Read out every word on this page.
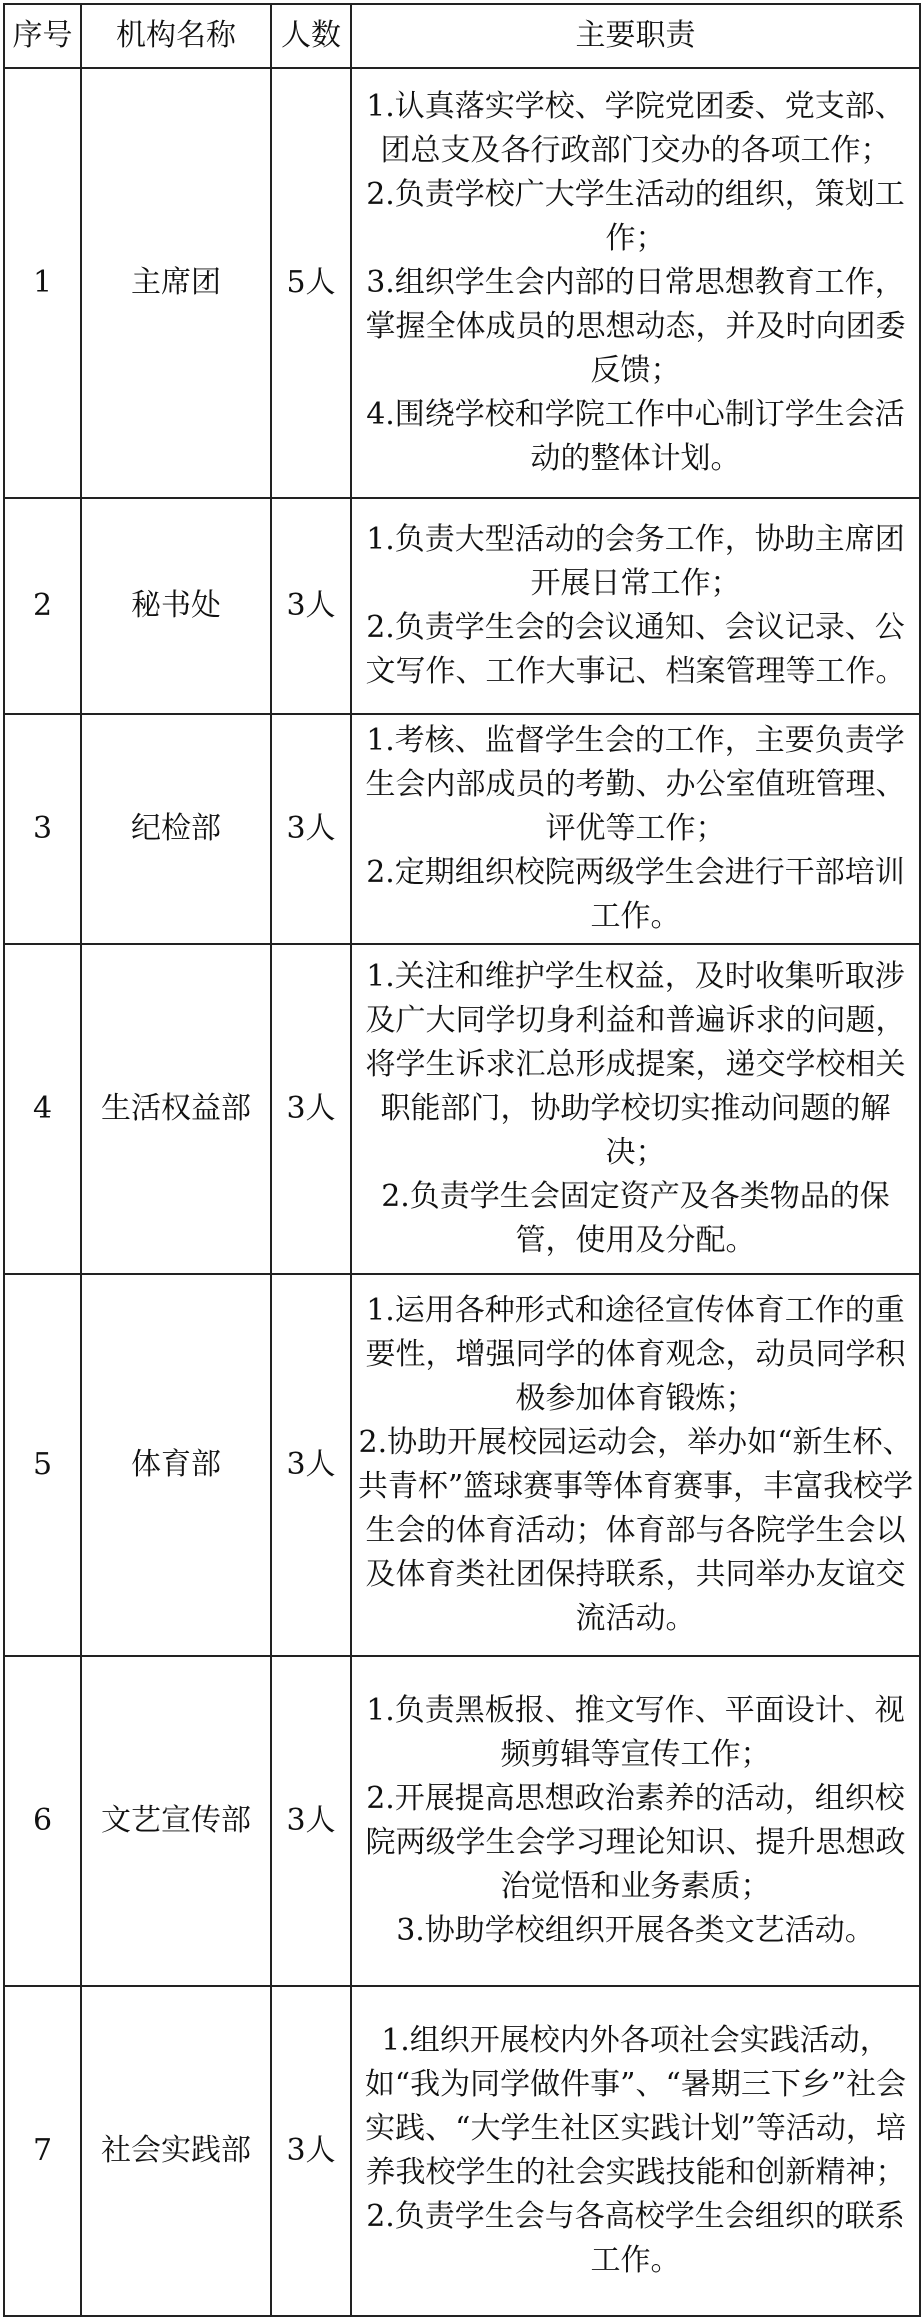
序号	机构名称	人数	主要职责
1	主席团	5人	1.认真落实学校、学院党团委、党支部、团总支及各行政部门交办的各项工作；
2.负责学校广大学生活动的组织，策划工作；
3.组织学生会内部的日常思想教育工作，掌握全体成员的思想动态，并及时向团委反馈；
4.围绕学校和学院工作中心制订学生会活动的整体计划。

2	秘书处	3人	1.负责大型活动的会务工作，协助主席团开展日常工作；
2.负责学生会的会议通知、会议记录、公文写作、工作大事记、档案管理等工作。

3	纪检部	3人	1.考核、监督学生会的工作，主要负责学生会内部成员的考勤、办公室值班管理、评优等工作；
2.定期组织校院两级学生会进行干部培训工作。

4	生活权益部	3人	1.关注和维护学生权益，及时收集听取涉及广大同学切身利益和普遍诉求的问题，将学生诉求汇总形成提案，递交学校相关职能部门，协助学校切实推动问题的解决；
2.负责学生会固定资产及各类物品的保管，使用及分配。

5	体育部	3人	1.运用各种形式和途径宣传体育工作的重要性，增强同学的体育观念，动员同学积极参加体育锻炼；
2.协助开展校园运动会，举办如“新生杯、共青杯”篮球赛事等体育赛事，丰富我校学生会的体育活动；体育部与各院学生会以及体育类社团保持联系，共同举办友谊交流活动。

6	文艺宣传部	3人	1.负责黑板报、推文写作、平面设计、视频剪辑等宣传工作；
2.开展提高思想政治素养的活动，组织校院两级学生会学习理论知识、提升思想政治觉悟和业务素质；
3.协助学校组织开展各类文艺活动。

7	社会实践部	3人	1.组织开展校内外各项社会实践活动，如“我为同学做件事”、“暑期三下乡”社会实践、“大学生社区实践计划”等活动，培养我校学生的社会实践技能和创新精神；
2.负责学生会与各高校学生会组织的联系工作。
